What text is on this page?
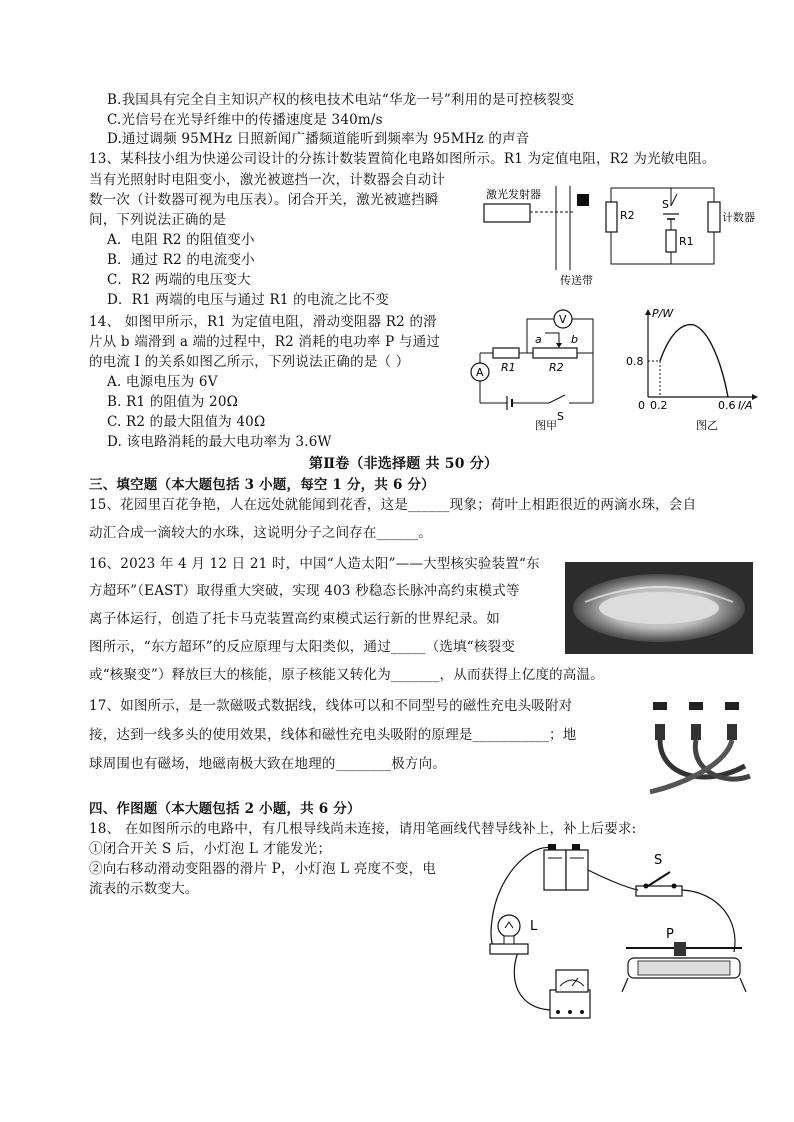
B.我国具有完全自主知识产权的核电技术电站“华龙一号”利用的是可控核裂变
C.光信号在光导纤维中的传播速度是 340m/s
D.通过调频 95MHz 日照新闻广播频道能听到频率为 95MHz 的声音
13、某科技小组为快递公司设计的分拣计数装置简化电路如图所示。R1 为定值电阻，R2 为光敏电阻。
当有光照射时电阻变小，激光被遮挡一次，计数器会自动计
数一次（计数器可视为电压表）。闭合开关，激光被遮挡瞬
间，下列说法正确的是
A．电阻 R2 的阻值变小
B．通过 R2 的电流变小
C．R2 两端的电压变大
D．R1 两端的电压与通过 R1 的电流之比不变
激光发射器
传送带
R2
S
R1
计数器
14、 如图甲所示，R1 为定值电阻，滑动变阻器 R2 的滑
片从 b 端滑到 a 端的过程中，R2 消耗的电功率 P 与通过
的电流 I 的关系如图乙所示，下列说法正确的是（ ）
A. 电源电压为 6V
B. R1 的阻值为 20Ω
C. R2 的最大阻值为 40Ω
D. 该电路消耗的最大电功率为 3.6W
V
R1	R2
a	b
A
S
图甲
P/W
I/A
0.8
0 0.2	0.6
图乙
第Ⅱ卷（非选择题 共 50 分）
三、填空题（本大题包括 3 小题，每空 1 分，共 6 分）
15、花园里百花争艳，人在远处就能闻到花香，这是______现象；荷叶上相距很近的两滴水珠，会自
动汇合成一滴较大的水珠，这说明分子之间存在______。
16、2023 年 4 月 12 日 21 时，中国“人造太阳”——大型核实验装置“东
方超环”（EAST）取得重大突破，实现 403 秒稳态长脉冲高约束模式等
离子体运行，创造了托卡马克装置高约束模式运行新的世界纪录。如
图所示，“东方超环”的反应原理与太阳类似，通过_____（选填“核裂变
或“核聚变”）释放巨大的核能，原子核能又转化为_______，从而获得上亿度的高温。
17、如图所示，是一款磁吸式数据线，线体可以和不同型号的磁性充电头吸附对
接，达到一线多头的使用效果，线体和磁性充电头吸附的原理是___________；地
球周围也有磁场，地磁南极大致在地理的________极方向。
四、作图题（本大题包括 2 小题，共 6 分）
18、 在如图所示的电路中，有几根导线尚未连接，请用笔画线代替导线补上，补上后要求:
①闭合开关 S 后，小灯泡 L 才能发光；
②向右移动滑动变阻器的滑片 P，小灯泡 L 亮度不变，电
流表的示数变大。
S
L
P
